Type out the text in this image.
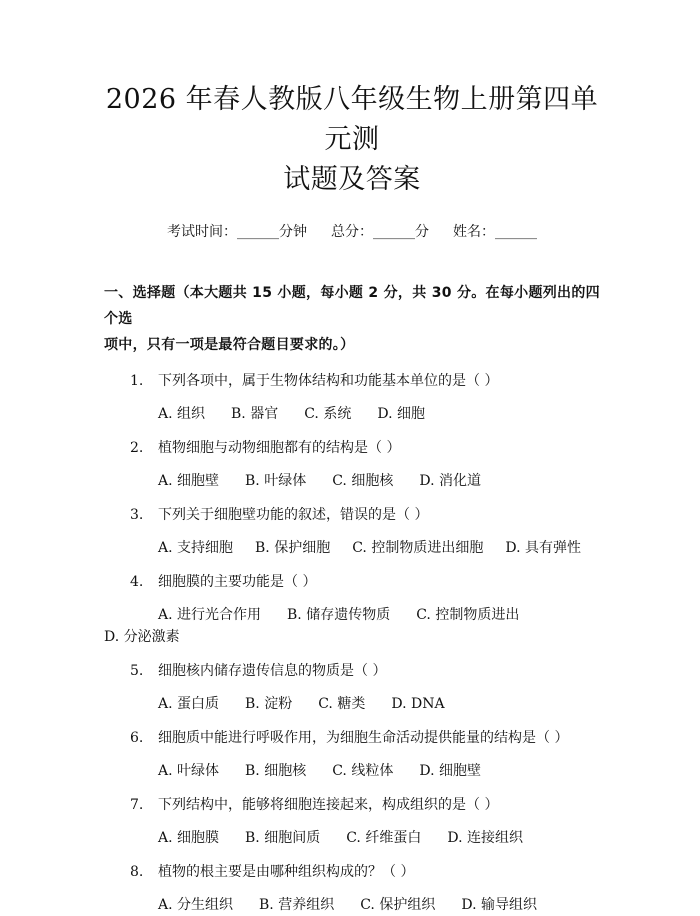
2026 年春人教版八年级生物上册第四单元测
试题及答案
考试时间：______分钟 总分：______分 姓名：______
一、选择题（本大题共 15 小题，每小题 2 分，共 30 分。在每小题列出的四个选
项中，只有一项是最符合题目要求的。）
1. 下列各项中，属于生物体结构和功能基本单位的是（ ）
A. 组织 B. 器官 C. 系统 D. 细胞
2. 植物细胞与动物细胞都有的结构是（ ）
A. 细胞壁 B. 叶绿体 C. 细胞核 D. 消化道
3. 下列关于细胞壁功能的叙述，错误的是（ ）
A. 支持细胞 B. 保护细胞 C. 控制物质进出细胞 D. 具有弹性
4. 细胞膜的主要功能是（ ）
A. 进行光合作用 B. 储存遗传物质 C. 控制物质进出D. 分泌激素
5. 细胞核内储存遗传信息的物质是（ ）
A. 蛋白质 B. 淀粉 C. 糖类 D. DNA
6. 细胞质中能进行呼吸作用，为细胞生命活动提供能量的结构是（ ）
A. 叶绿体 B. 细胞核 C. 线粒体 D. 细胞壁
7. 下列结构中，能够将细胞连接起来，构成组织的是（ ）
A. 细胞膜 B. 细胞间质 C. 纤维蛋白 D. 连接组织
8. 植物的根主要是由哪种组织构成的？（ ）
A. 分生组织 B. 营养组织 C. 保护组织 D. 输导组织
